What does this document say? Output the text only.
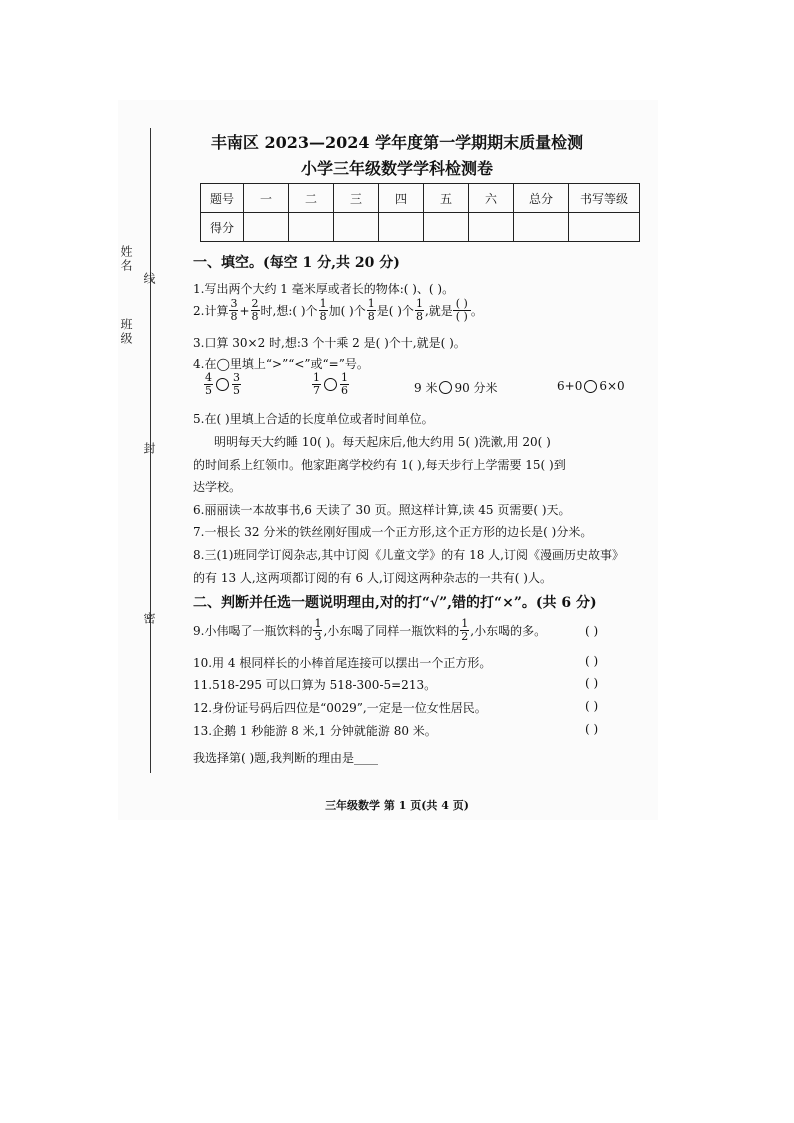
姓名
班级
线
封
密
丰南区 2023—2024 学年度第一学期期末质量检测
小学三年级数学学科检测卷
题号	一	二	三	四	五	六	总分	书写等级
得分								
一、填空。(每空 1 分,共 20 分)
1.写出两个大约 1 毫米厚或者长的物体:( )、( )。
2.计算 $\frac{3}{8} + \frac{2}{8}$ 时,想:( )个 $\frac{1}{8}$ 加( )个 $\frac{1}{8}$ 是( )个 $\frac{1}{8}$ ,就是
( )
( ) 。
3.口算 30×2 时,想:3 个十乘 2 是( )个十,就是( )。
4.在◯里填上“>”“<”或“=”号。
$\frac{4}{5} \frac{3}{5}$	$\frac{1}{7} \frac{1}{6}$	9 米 90 分米	6+0 6×0
5.在( )里填上合适的长度单位或者时间单位。
明明每天大约睡 10( )。每天起床后,他大约用 5( )洗漱,用 20( )
的时间系上红领巾。他家距离学校约有 1( ),每天步行上学需要 15( )到
达学校。
6.丽丽读一本故事书,6 天读了 30 页。照这样计算,读 45 页需要( )天。
7.一根长 32 分米的铁丝刚好围成一个正方形,这个正方形的边长是( )分米。
8.三(1)班同学订阅杂志,其中订阅《儿童文学》的有 18 人,订阅《漫画历史故事》
的有 13 人,这两项都订阅的有 6 人,订阅这两种杂志的一共有( )人。
二、判断并任选一题说明理由,对的打“√”,错的打“×”。(共 6 分)
9.小伟喝了一瓶饮料的 $\frac{1}{3}$ ,小东喝了同样一瓶饮料的 $\frac{1}{2}$ ,小东喝的多。	( )
10.用 4 根同样长的小棒首尾连接可以摆出一个正方形。	( )
11.518-295 可以口算为 518-300-5=213。	( )
12.身份证号码后四位是“0029”,一定是一位女性居民。	( )
13.企鹅 1 秒能游 8 米,1 分钟就能游 80 米。	( )
我选择第( )题,我判断的理由是____
三年级数学 第 1 页(共 4 页)
